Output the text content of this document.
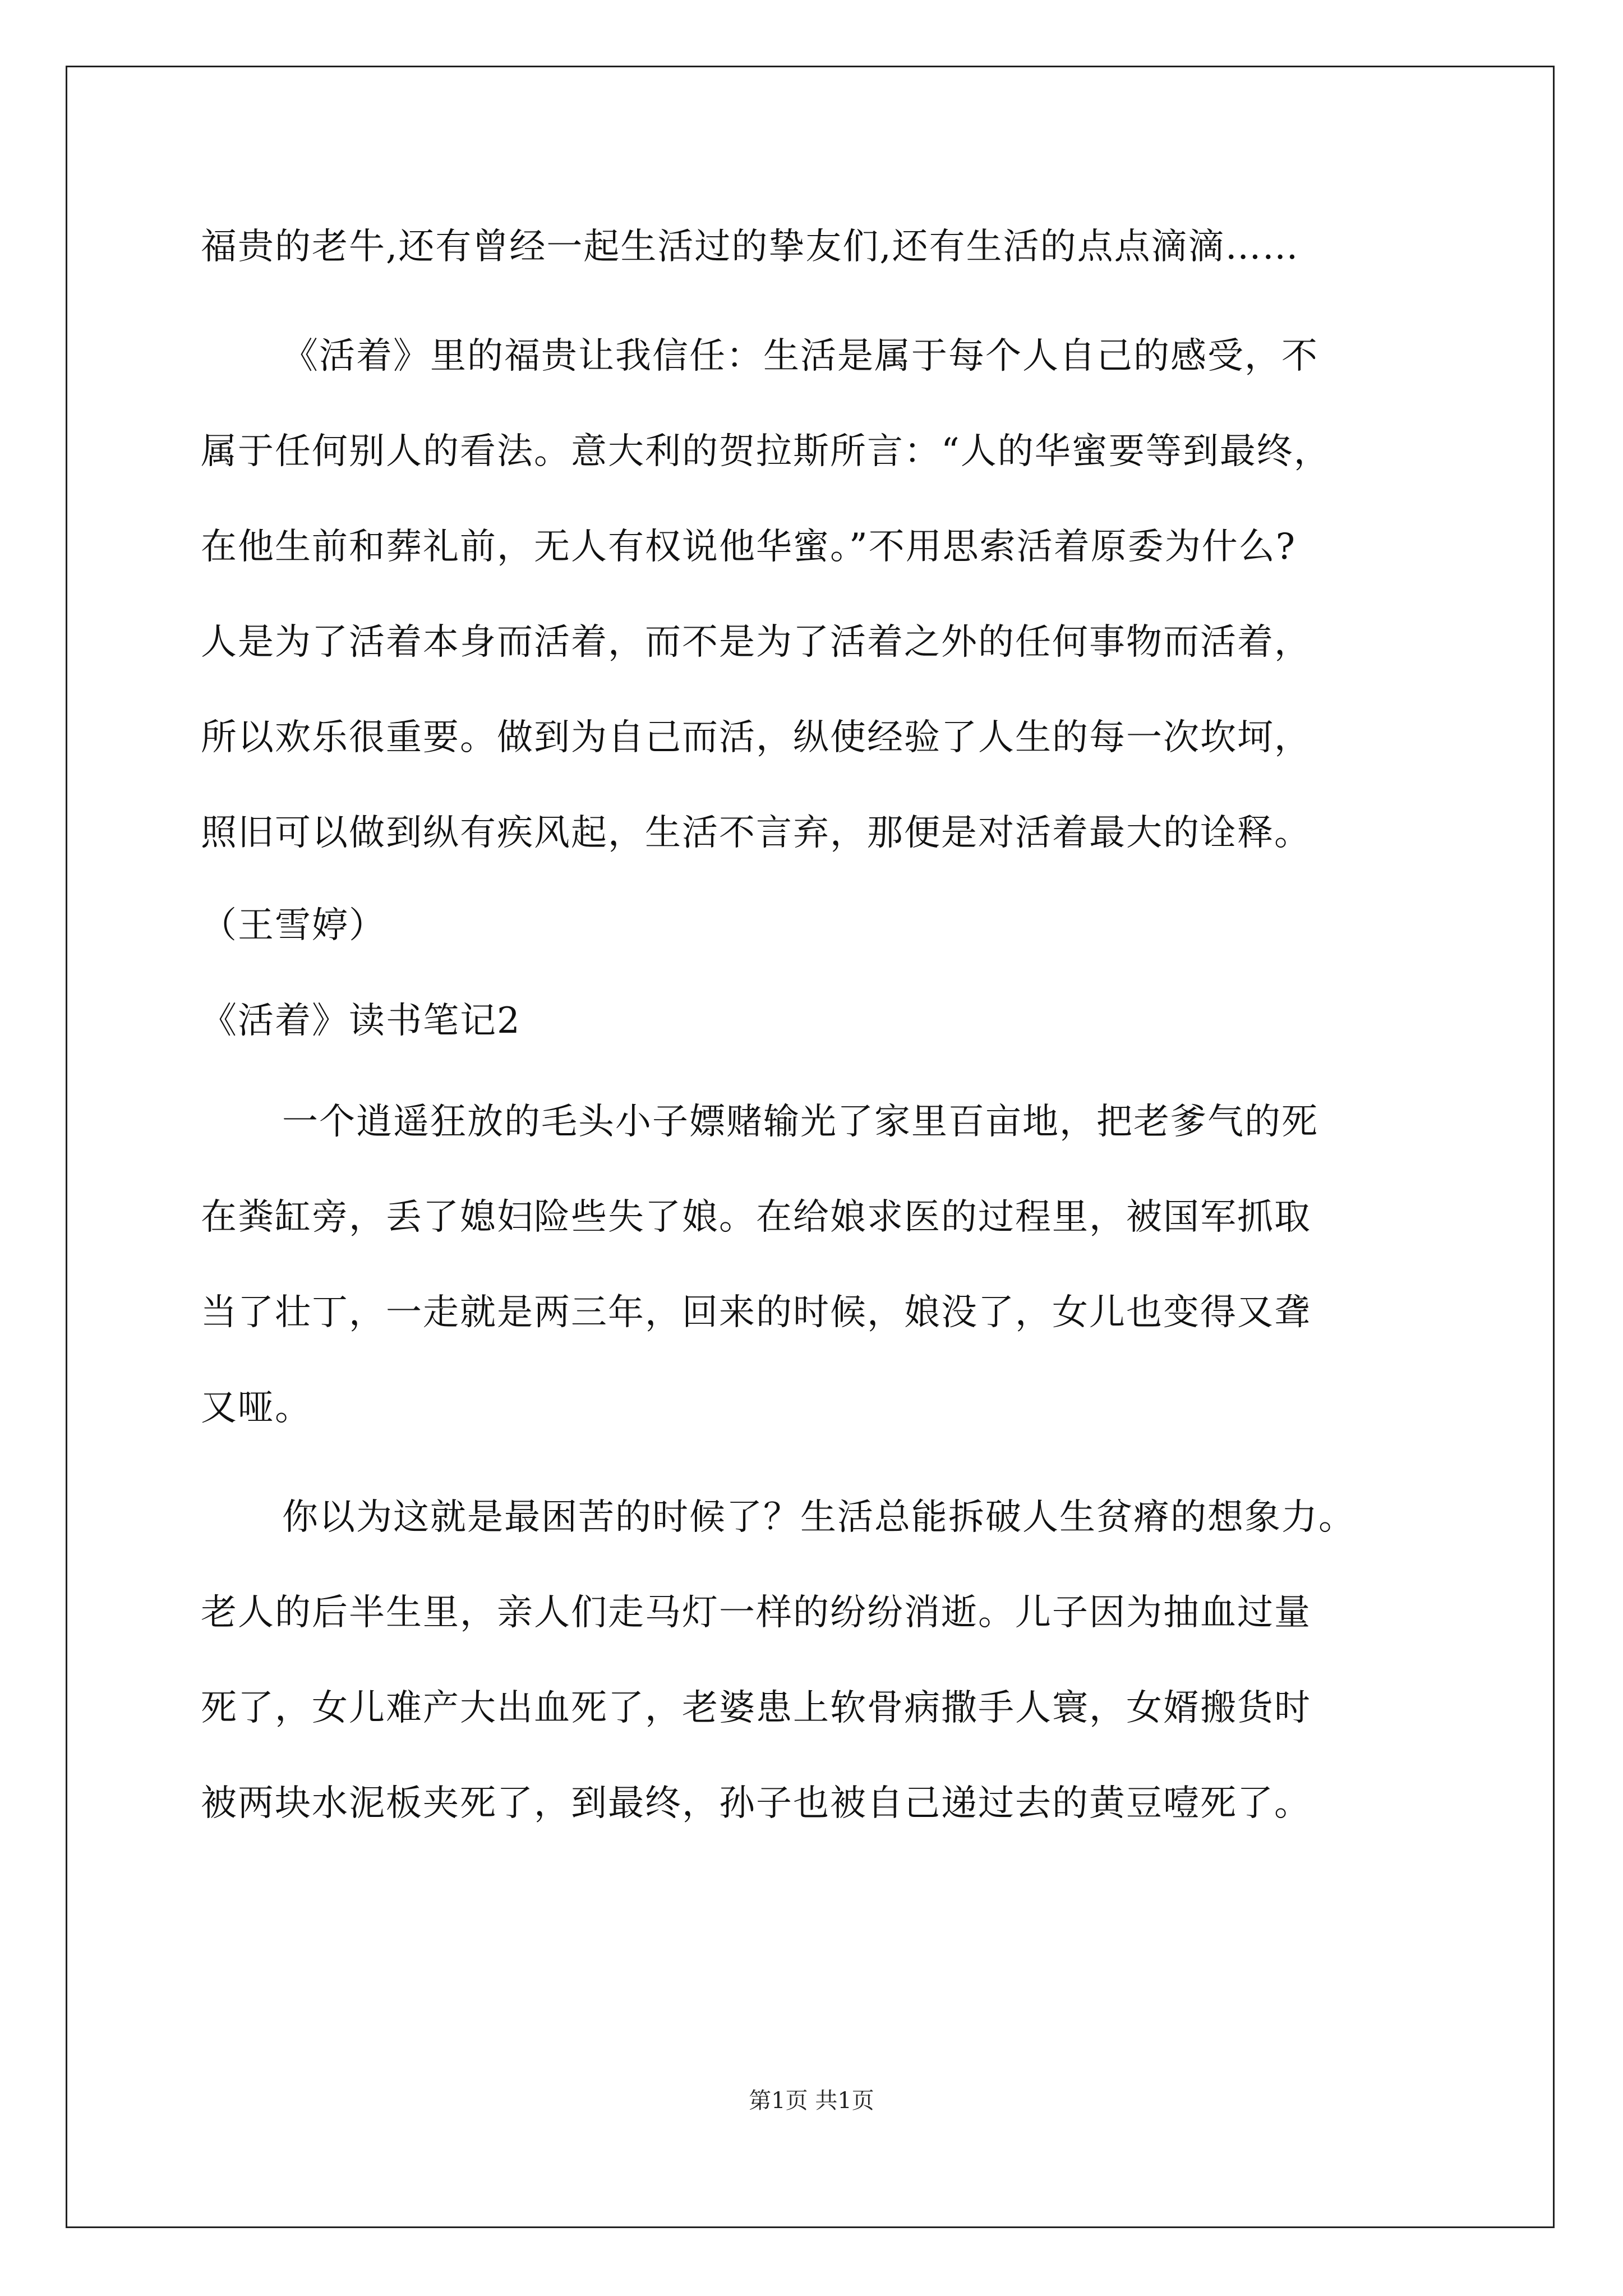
福贵的老牛,还有曾经一起生活过的挚友们,还有生活的点点滴滴……
《活着》里的福贵让我信任：生活是属于每个人自己的感受，不
属于任何别人的看法。意大利的贺拉斯所言：“人的华蜜要等到最终，
在他生前和葬礼前，无人有权说他华蜜。”不用思索活着原委为什么?
人是为了活着本身而活着，而不是为了活着之外的任何事物而活着，
所以欢乐很重要。做到为自己而活，纵使经验了人生的每一次坎坷，
照旧可以做到纵有疾风起，生活不言弃，那便是对活着最大的诠释。
（王雪婷）
《活着》读书笔记2
一个逍遥狂放的毛头小子嫖赌输光了家里百亩地，把老爹气的死
在粪缸旁，丢了媳妇险些失了娘。在给娘求医的过程里，被国军抓取
当了壮丁，一走就是两三年，回来的时候，娘没了，女儿也变得又聋
又哑。
你以为这就是最困苦的时候了？生活总能拆破人生贫瘠的想象力。
老人的后半生里，亲人们走马灯一样的纷纷消逝。儿子因为抽血过量
死了，女儿难产大出血死了，老婆患上软骨病撒手人寰，女婿搬货时
被两块水泥板夹死了，到最终，孙子也被自己递过去的黄豆噎死了。
第1页 共1页
